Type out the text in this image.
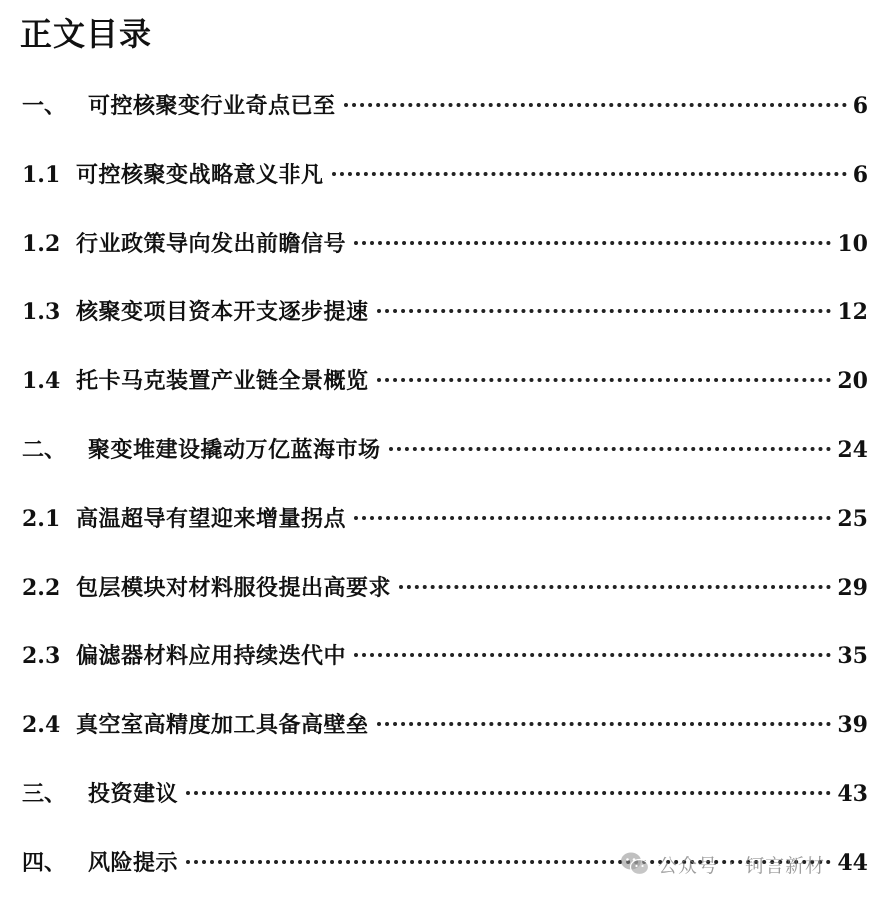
正文目录
一、 可控核聚变行业奇点已至	6
1.1 可控核聚变战略意义非凡	6
1.2 行业政策导向发出前瞻信号	10
1.3 核聚变项目资本开支逐步提速	12
1.4 托卡马克装置产业链全景概览	20
二、 聚变堆建设撬动万亿蓝海市场	24
2.1 高温超导有望迎来增量拐点	25
2.2 包层模块对材料服役提出高要求	29
2.3 偏滤器材料应用持续迭代中	35
2.4 真空室高精度加工具备高壁垒	39
三、 投资建议	43
四、 风险提示	44
公众号 · 钶言新材
